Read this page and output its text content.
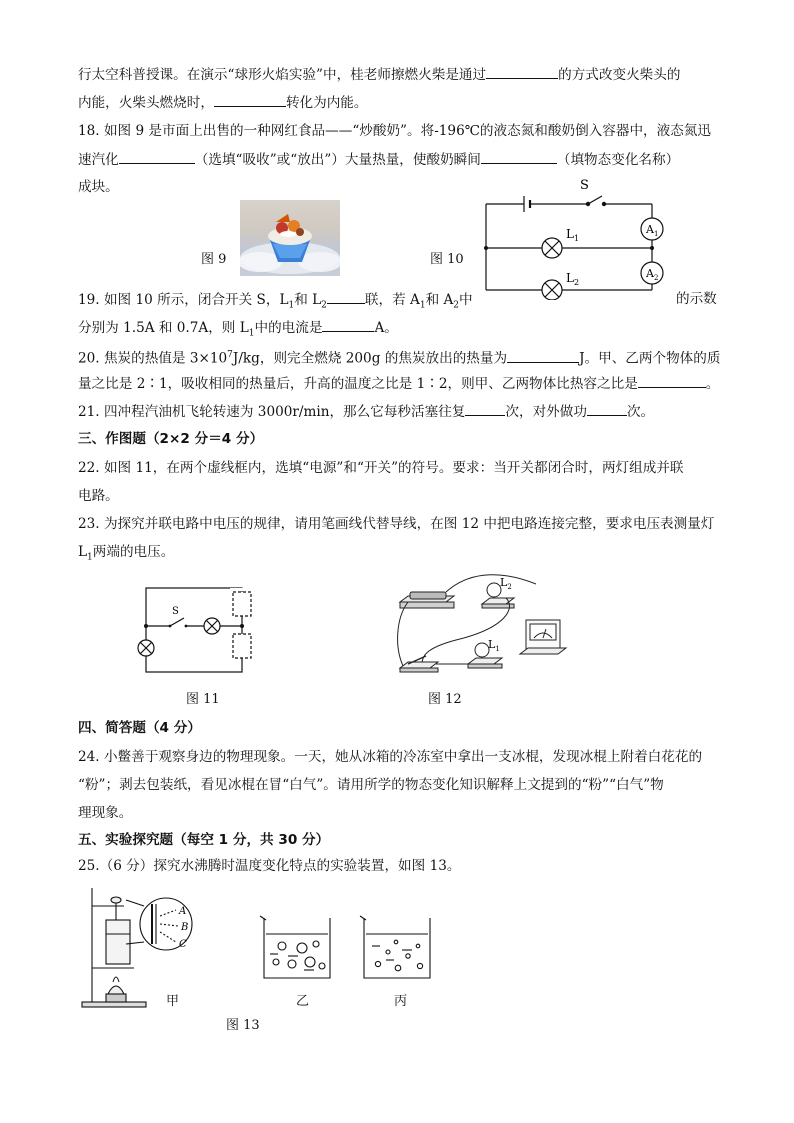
行太空科普授课。在演示“球形火焰实验”中，桂老师擦燃火柴是通过	的方式改变火柴头的
内能，火柴头燃烧时，	转化为内能。
18. 如图 9 是市面上出售的一种网红食品——“炒酸奶”。将-196℃的液态氮和酸奶倒入容器中，液态氮迅
速汽化	（选填“吸收”或“放出”）大量热量，使酸奶瞬间	（填物态变化名称）
成块。
图 9	图 10
S
$L_1$
$L_2$
$A_1$
$A_2$
19. 如图 10 所示，闭合开关 S，$L_1$和 $L_2$	联，若 $A_1$和 $A_2$中	的示数
分别为 1.5A 和 0.7A，则 $L_1$中的电流是	A。
20. 焦炭的热值是 $3\times 10^7J/kg$，则完全燃烧 200g 的焦炭放出的热量为	J。甲、乙两个物体的质
量之比是 2∶1，吸收相同的热量后，升高的温度之比是 1∶2，则甲、乙两物体比热容之比是	。
21. 四冲程汽油机飞轮转速为 3000r/min，那么它每秒活塞往复	次，对外做功	次。
三、作图题（2×2 分＝4 分）
22. 如图 11，在两个虚线框内，选填“电源”和“开关”的符号。要求：当开关都闭合时，两灯组成并联
电路。
23. 为探究并联电路中电压的规律，请用笔画线代替导线，在图 12 中把电路连接完整，要求电压表测量灯
$L_1$两端的电压。
S
图 11
$L_2$
$L_1$
图 12
四、简答题（4 分）
24. 小鳖善于观察身边的物理现象。一天，她从冰箱的冷冻室中拿出一支冰棍，发现冰棍上附着白花花的
“粉”；剥去包装纸，看见冰棍在冒“白气”。请用所学的物态变化知识解释上文提到的“粉”“白气”物
理现象。
五、实验探究题（每空 1 分，共 30 分）
25.（6 分）探究水沸腾时温度变化特点的实验装置，如图 13。
A
B
C
甲	乙	丙
图 13
